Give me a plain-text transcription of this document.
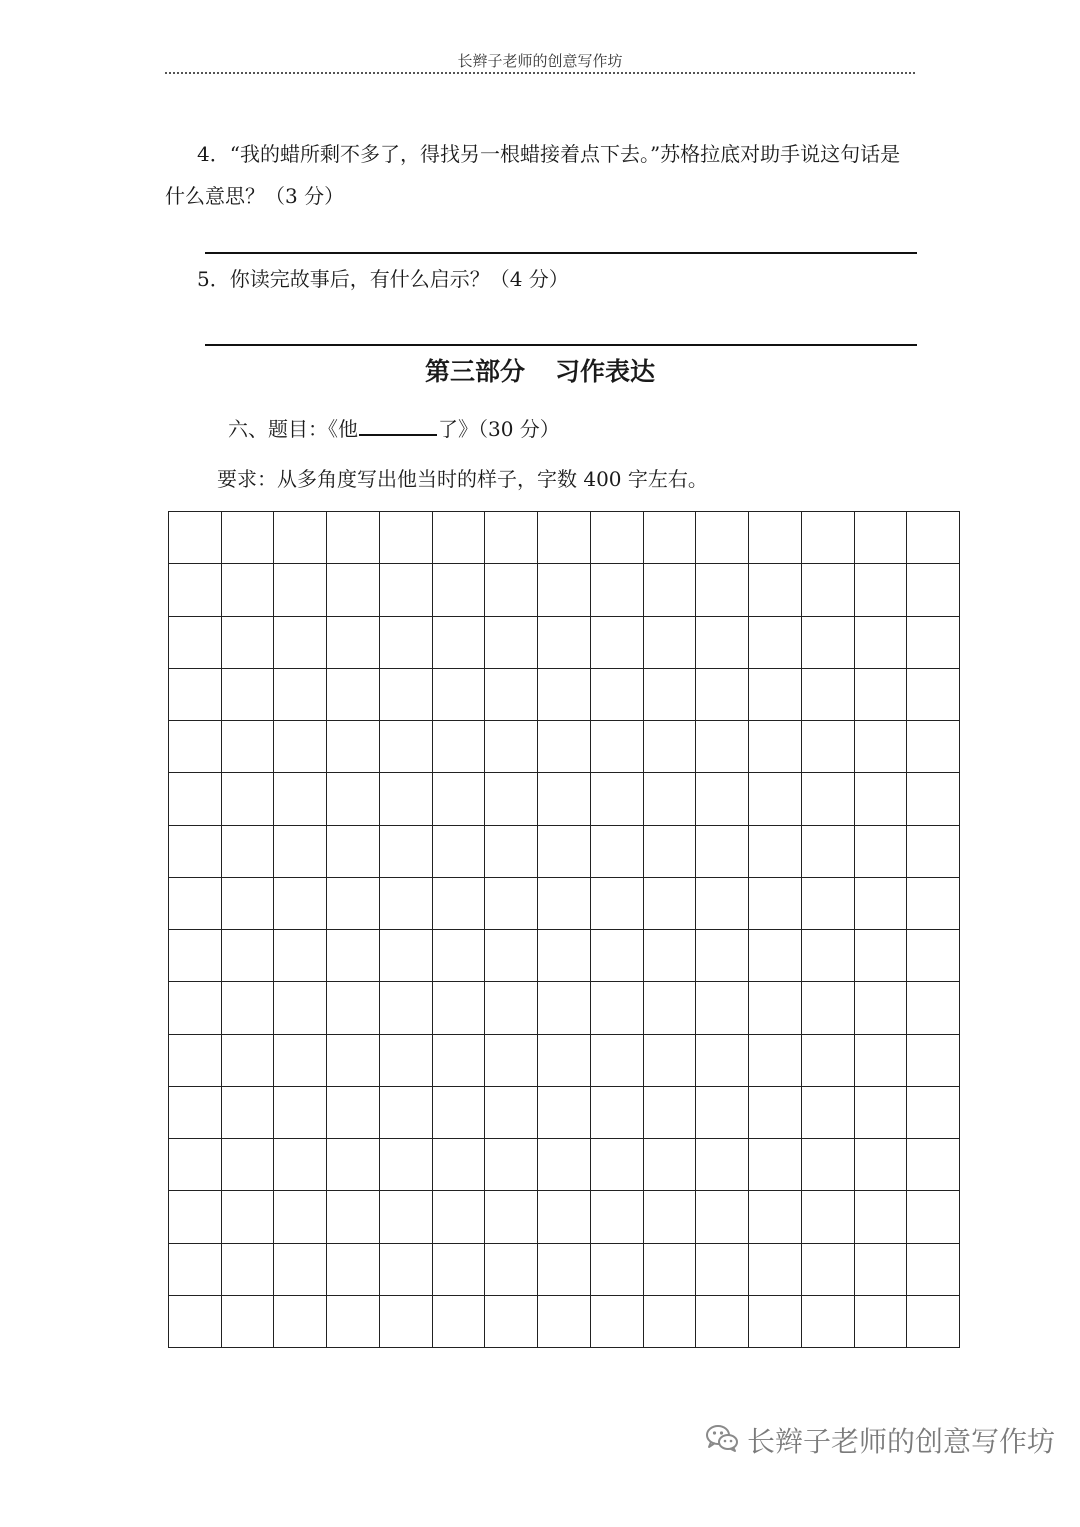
长辫子老师的创意写作坊
4．“我的蜡所剩不多了，得找另一根蜡接着点下去。”苏格拉底对助手说这句话是什么意思？（3 分）
5．你读完故事后，有什么启示？（4 分）
第三部分 习作表达
六、题目：《他	了》（30 分）
要求：从多角度写出他当时的样子，字数 400 字左右。
长辫子老师的创意写作坊
